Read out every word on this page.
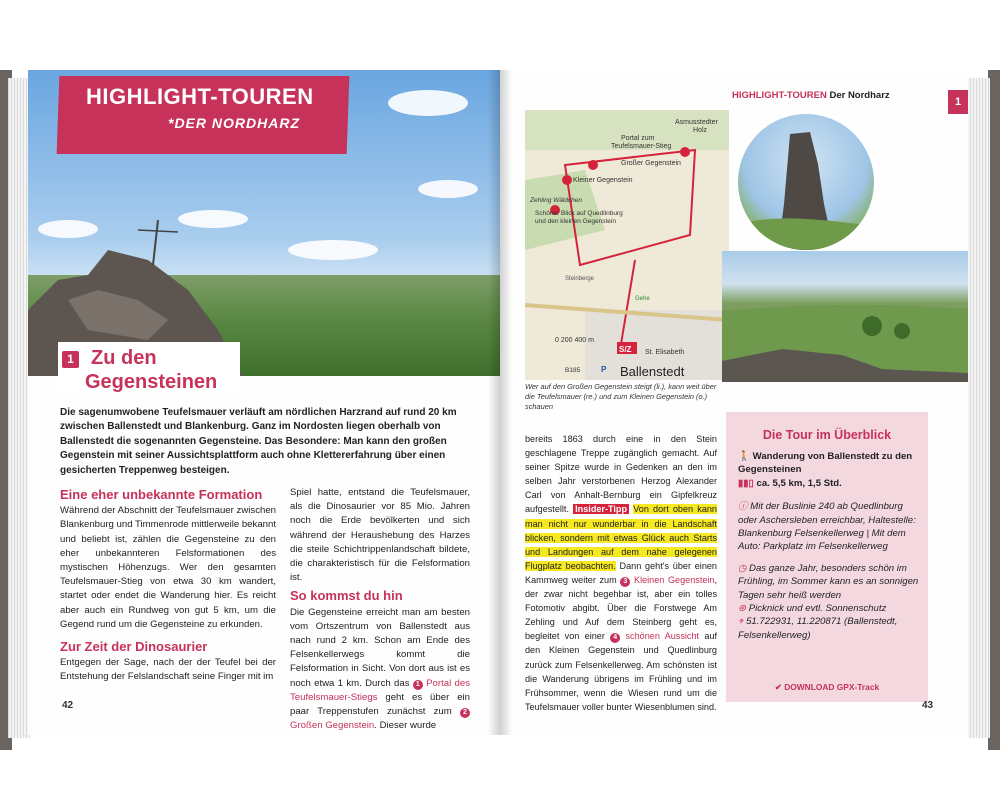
HIGHLIGHT-TOUREN
*DER NORDHARZ
1 Zu den Gegensteinen
Die sagenumwobene Teufelsmauer verläuft am nördlichen Harzrand auf rund 20 km zwischen Ballenstedt und Blankenburg. Ganz im Nordosten liegen oberhalb von Ballenstedt die sogenannten Gegensteine. Das Besondere: Man kann den großen Gegenstein mit seiner Aussichtsplattform auch ohne Klettererfahrung über einen gesicherten Treppenweg besteigen.
Eine eher unbekannte Formation
Während der Abschnitt der Teufelsmauer zwischen Blankenburg und Timmenrode mittlerweile bekannt und beliebt ist, zählen die Gegensteine zu den eher unbekannteren Felsformationen des mystischen Höhenzugs. Wer den gesamten Teufelsmauer-Stieg von etwa 30 km wandert, startet oder endet die Wanderung hier. Es reicht aber auch ein Rundweg von gut 5 km, um die Gegend rund um die Gegensteine zu erkunden.
Zur Zeit der Dinosaurier
Entgegen der Sage, nach der der Teufel bei der Entstehung der Felslandschaft seine Finger mit im
Spiel hatte, entstand die Teufelsmauer, als die Dinosaurier vor 85 Mio. Jahren noch die Erde bevölkerten und sich während der Heraushebung des Harzes die steile Schichtrippenlandschaft bildete, die charakteristisch für die Felsformation ist.
So kommst du hin
Die Gegensteine erreicht man am besten vom Ortszentrum von Ballenstedt aus nach rund 2 km. Schon am Ende des Felsenkellerwegs kommt die Felsformation in Sicht. Von dort aus ist es noch etwa 1 km. Durch das 1 Portal des Teufelsmauer-Stiegs geht es über ein paar Treppenstufen zunächst zum 2 Großen Gegenstein. Dieser wurde
42
HIGHLIGHT-TOUREN Der Nordharz
1
S/Z
Asmusstedter
Holz
Portal zum
Teufelsmauer-Stieg
Großer Gegenstein
Kleiner Gegenstein
Zehling Wäldchen
Schöner Blick auf Quedlinburg
und den kleinen Gegenstein
Steinberge
Gehe
0 200 400 m
B185	P
St. Elisabeth
Ballenstedt
Wer auf den Großen Gegenstein steigt (li.), kann weit über die Teufelsmauer (re.) und zum Kleinen Gegenstein (o.) schauen
bereits 1863 durch eine in den Stein geschlagene Treppe zugänglich gemacht. Auf seiner Spitze wurde in Gedenken an den im selben Jahr verstorbenen Herzog Alexander Carl von Anhalt-Bernburg ein Gipfelkreuz aufgestellt. Insider-Tipp Von dort oben kann man nicht nur wunderbar in die Landschaft blicken, sondern mit etwas Glück auch Starts und Landungen auf dem nahe gelegenen Flugplatz beobachten. Dann geht's über einen Kammweg weiter zum 3 Kleinen Gegenstein, der zwar nicht begehbar ist, aber ein tolles Fotomotiv abgibt. Über die Forstwege Am Zehling und Auf dem Steinberg geht es, begleitet von einer 4 schönen Aussicht auf den Kleinen Gegenstein und Quedlinburg zurück zum Felsenkellerweg. Am schönsten ist die Wanderung übrigens im Frühling und im Frühsommer, wenn die Wiesen rund um die Teufelsmauer voller bunter Wiesenblumen sind.
Die Tour im Überblick
🚶 Wanderung von Ballenstedt zu den Gegensteinen
▮▮▯ ca. 5,5 km, 1,5 Std.
ⓘ Mit der Buslinie 240 ab Quedlinburg oder Aschersleben erreichbar, Haltestelle: Blankenburg Felsenkellerweg | Mit dem Auto: Parkplatz im Felsenkellerweg
◷ Das ganze Jahr, besonders schön im Frühling, im Sommer kann es an sonnigen Tagen sehr heiß werden
⊛ Picknick und evtl. Sonnenschutz
⌖ 51.722931, 11.220871 (Ballenstedt, Felsenkellerweg)
✔ DOWNLOAD GPX-Track
43
